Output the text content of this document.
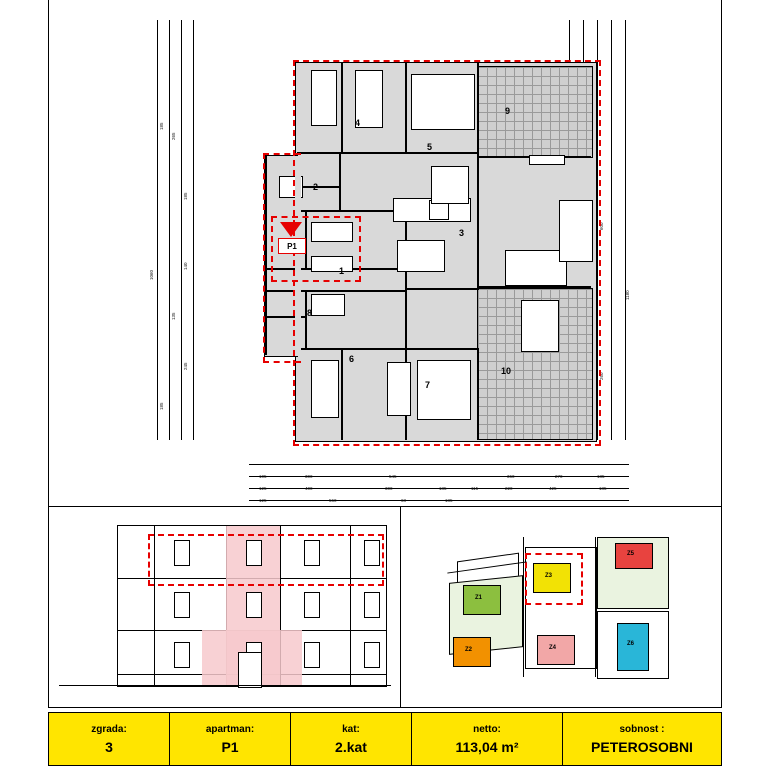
185
265
185
140
1060
135
245
185
600
260
1180
P1
4
5
9
3
2
1
8
6
7
10
105	300	545	360	270	185
125	400	300	185	115	220	425	185
125	560	68	185
Z1
Z2
Z3
Z4
Z5
Z6
zgrada:
3
apartman:
P1
kat:
2.kat
netto:
113,04 m²
sobnost :
PETEROSOBNI
